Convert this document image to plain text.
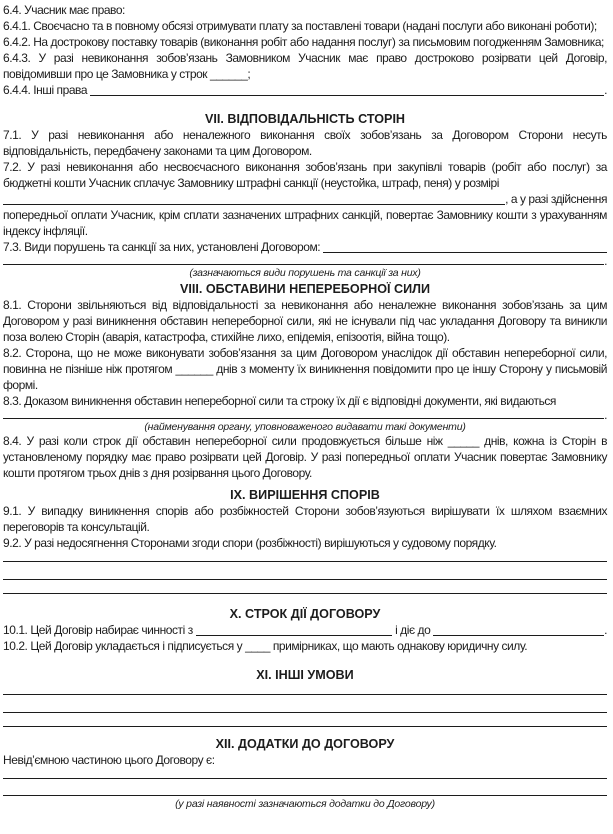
6.4. Учасник має право:
6.4.1. Своєчасно та в повному обсязі отримувати плату за поставлені товари (надані послуги або виконані роботи);
6.4.2. На дострокову поставку товарів (виконання робіт або надання послуг) за письмовим погодженням Замовника;
6.4.3. У разі невиконання зобов’язань Замовником Учасник має право достроково розірвати цей Договір, повідомивши про це Замовника у строк ______;
6.4.4. Інші права	.
VII. ВІДПОВІДАЛЬНІСТЬ СТОРІН
7.1. У разі невиконання або неналежного виконання своїх зобов’язань за Договором Сторони несуть відповідальність, передбачену законами та цим Договором.
7.2. У разі невиконання або несвоєчасного виконання зобов’язань при закупівлі товарів (робіт або послуг) за бюджетні кошти Учасник сплачує Замовнику штрафні санкції (неустойка, штраф, пеня) у розмірі
, а у разі здійснення
попередньої оплати Учасник, крім сплати зазначених штрафних санкцій, повертає Замовнику кошти з урахуванням індексу інфляції.
7.3. Види порушень та санкції за них, установлені Договором:
.
(зазначаються види порушень та санкції за них)
VIII. ОБСТАВИНИ НЕПЕРЕБОРНОЇ СИЛИ
8.1. Сторони звільняються від відповідальності за невиконання або неналежне виконання зобов’язань за цим Договором у разі виникнення обставин непереборної сили, які не існували під час укладання Договору та виникли поза волею Сторін (аварія, катастрофа, стихійне лихо, епідемія, епізоотія, війна тощо).
8.2. Сторона, що не може виконувати зобов’язання за цим Договором унаслідок дії обставин непереборної сили, повинна не пізніше ніж протягом ______ днів з моменту їх виникнення повідомити про це іншу Сторону у письмовій формі.
8.3. Доказом виникнення обставин непереборної сили та строку їх дії є відповідні документи, які видаються
.
(найменування органу, уповноваженого видавати такі документи)
8.4. У разі коли строк дії обставин непереборної сили продовжується більше ніж _____ днів, кожна із Сторін в установленому порядку має право розірвати цей Договір. У разі попередньої оплати Учасник повертає Замовнику кошти протягом трьох днів з дня розірвання цього Договору.
IX. ВИРІШЕННЯ СПОРІВ
9.1. У випадку виникнення спорів або розбіжностей Сторони зобов’язуються вирішувати їх шляхом взаємних переговорів та консультацій.
9.2. У разі недосягнення Сторонами згоди спори (розбіжності) вирішуються у судовому порядку.
X. СТРОК ДІЇ ДОГОВОРУ
10.1. Цей Договір набирає чинності з	і діє до	.
10.2. Цей Договір укладається і підписується у ____ примірниках, що мають однакову юридичну силу.
XI. ІНШІ УМОВИ
XII. ДОДАТКИ ДО ДОГОВОРУ
Невід’ємною частиною цього Договору є:
(у разі наявності зазначаються додатки до Договору)
